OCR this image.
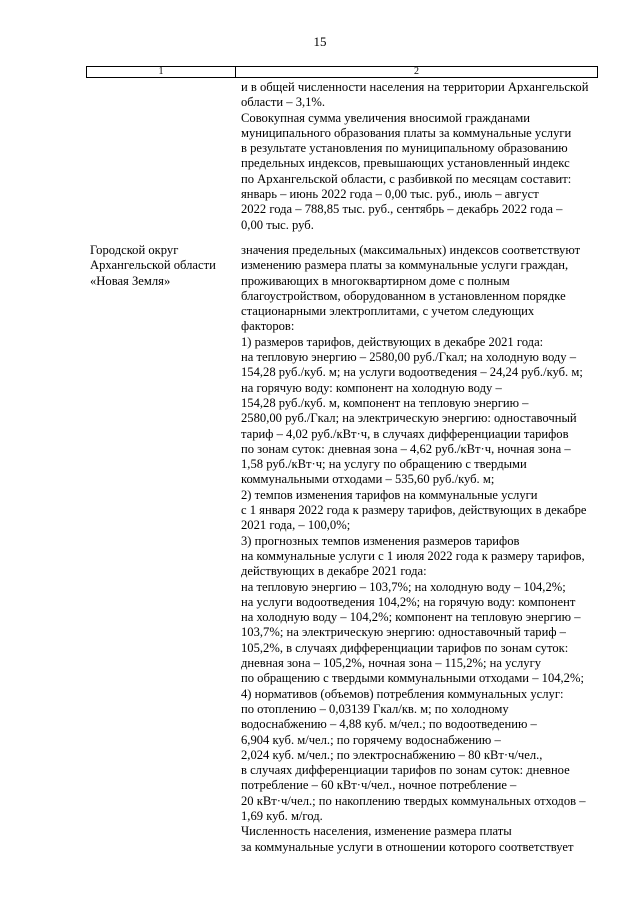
15
1	2
и в общей численности населения на территории Архангельской
области – 3,1%.
Совокупная сумма увеличения вносимой гражданами
муниципального образования платы за коммунальные услуги
в результате установления по муниципальному образованию
предельных индексов, превышающих установленный индекс
по Архангельской области, с разбивкой по месяцам составит:
январь – июнь 2022 года – 0,00 тыс. руб., июль – август
2022 года – 788,85 тыс. руб., сентябрь – декабрь 2022 года –
0,00 тыс. руб.
Городской округ
Архангельской области
«Новая Земля»
значения предельных (максимальных) индексов соответствуют
изменению размера платы за коммунальные услуги граждан,
проживающих в многоквартирном доме с полным
благоустройством, оборудованном в установленном порядке
стационарными электроплитами, с учетом следующих
факторов:
1) размеров тарифов, действующих в декабре 2021 года:
на тепловую энергию – 2580,00 руб./Гкал; на холодную воду –
154,28 руб./куб. м; на услуги водоотведения – 24,24 руб./куб. м;
на горячую воду: компонент на холодную воду –
154,28 руб./куб. м, компонент на тепловую энергию –
2580,00 руб./Гкал; на электрическую энергию: одноставочный
тариф – 4,02 руб./кВт·ч, в случаях дифференциации тарифов
по зонам суток: дневная зона – 4,62 руб./кВт·ч, ночная зона –
1,58 руб./кВт·ч; на услугу по обращению с твердыми
коммунальными отходами – 535,60 руб./куб. м;
2) темпов изменения тарифов на коммунальные услуги
с 1 января 2022 года к размеру тарифов, действующих в декабре
2021 года, – 100,0%;
3) прогнозных темпов изменения размеров тарифов
на коммунальные услуги с 1 июля 2022 года к размеру тарифов,
действующих в декабре 2021 года:
на тепловую энергию – 103,7%; на холодную воду – 104,2%;
на услуги водоотведения 104,2%; на горячую воду: компонент
на холодную воду – 104,2%; компонент на тепловую энергию –
103,7%; на электрическую энергию: одноставочный тариф –
105,2%, в случаях дифференциации тарифов по зонам суток:
дневная зона – 105,2%, ночная зона – 115,2%; на услугу
по обращению с твердыми коммунальными отходами – 104,2%;
4) нормативов (объемов) потребления коммунальных услуг:
по отоплению – 0,03139 Гкал/кв. м; по холодному
водоснабжению – 4,88 куб. м/чел.; по водоотведению –
6,904 куб. м/чел.; по горячему водоснабжению –
2,024 куб. м/чел.; по электроснабжению – 80 кВт·ч/чел.,
в случаях дифференциации тарифов по зонам суток: дневное
потребление – 60 кВт·ч/чел., ночное потребление –
20 кВт·ч/чел.; по накоплению твердых коммунальных отходов –
1,69 куб. м/год.
Численность населения, изменение размера платы
за коммунальные услуги в отношении которого соответствует
